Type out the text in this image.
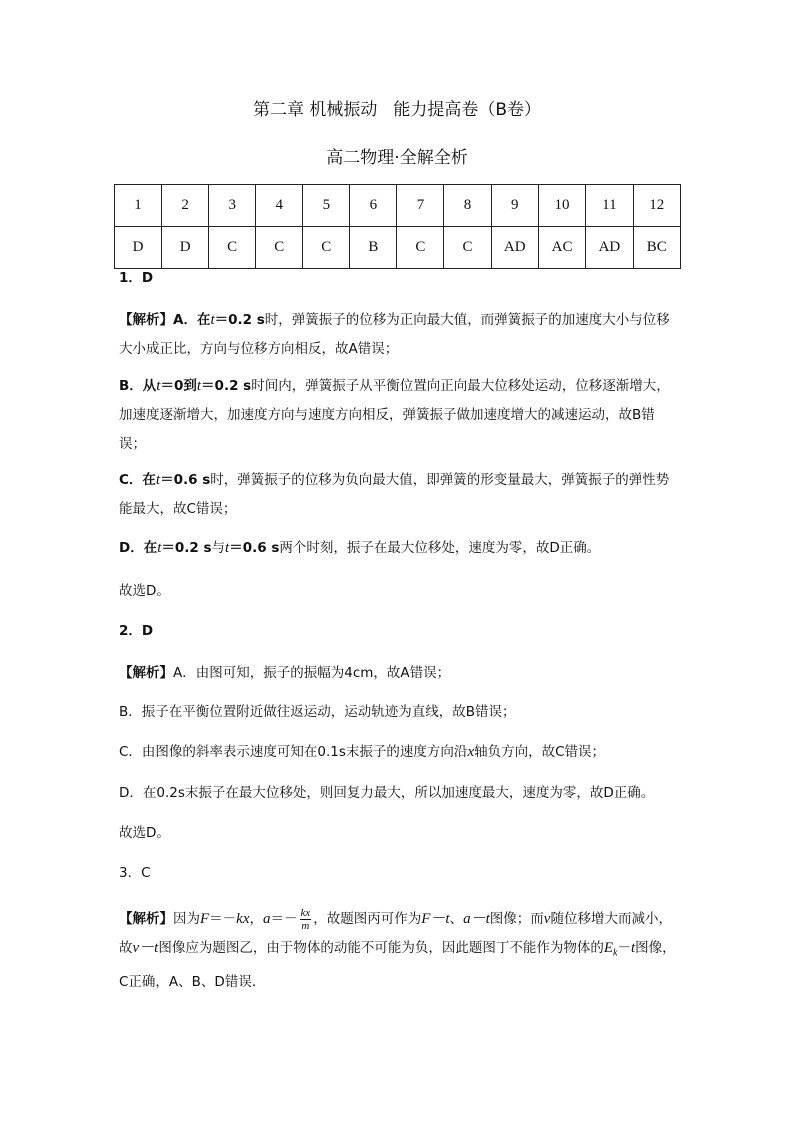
第二章 机械振动 能力提高卷（B卷）
高二物理·全解全析
1	2	3	4	5	6	7	8	9	10	11	12
D	D	C	C	C	B	C	C	AD	AC	AD	BC

1．D

【解析】A．在t＝0.2 s时，弹簧振子的位移为正向最大值，而弹簧振子的加速度大小与位移大小成正比，方向与位移方向相反，故A错误；

B．从t＝0到t＝0.2 s时间内，弹簧振子从平衡位置向正向最大位移处运动，位移逐渐增大，加速度逐渐增大，加速度方向与速度方向相反，弹簧振子做加速度增大的减速运动，故B错误；

C．在t＝0.6 s时，弹簧振子的位移为负向最大值，即弹簧的形变量最大，弹簧振子的弹性势能最大，故C错误；

D．在t＝0.2 s与t＝0.6 s两个时刻，振子在最大位移处，速度为零，故D正确。

故选D。

2．D

【解析】A．由图可知，振子的振幅为4cm，故A错误；

B．振子在平衡位置附近做往返运动，运动轨迹为直线，故B错误；

C．由图像的斜率表示速度可知在0.1s末振子的速度方向沿x轴负方向，故C错误；

D．在0.2s末振子在最大位移处，则回复力最大，所以加速度最大，速度为零，故D正确。

故选D。

3．C

【解析】因为F＝－kx，$a=- \frac{kx}{m}$ ，故题图丙可作为F－t、a－t图像；而v随位移增大而减小，故v－t图像应为题图乙，由于物体的动能不可能为负，因此题图丁不能作为物体的$E_k-t$图像，C正确，A、B、D错误．
